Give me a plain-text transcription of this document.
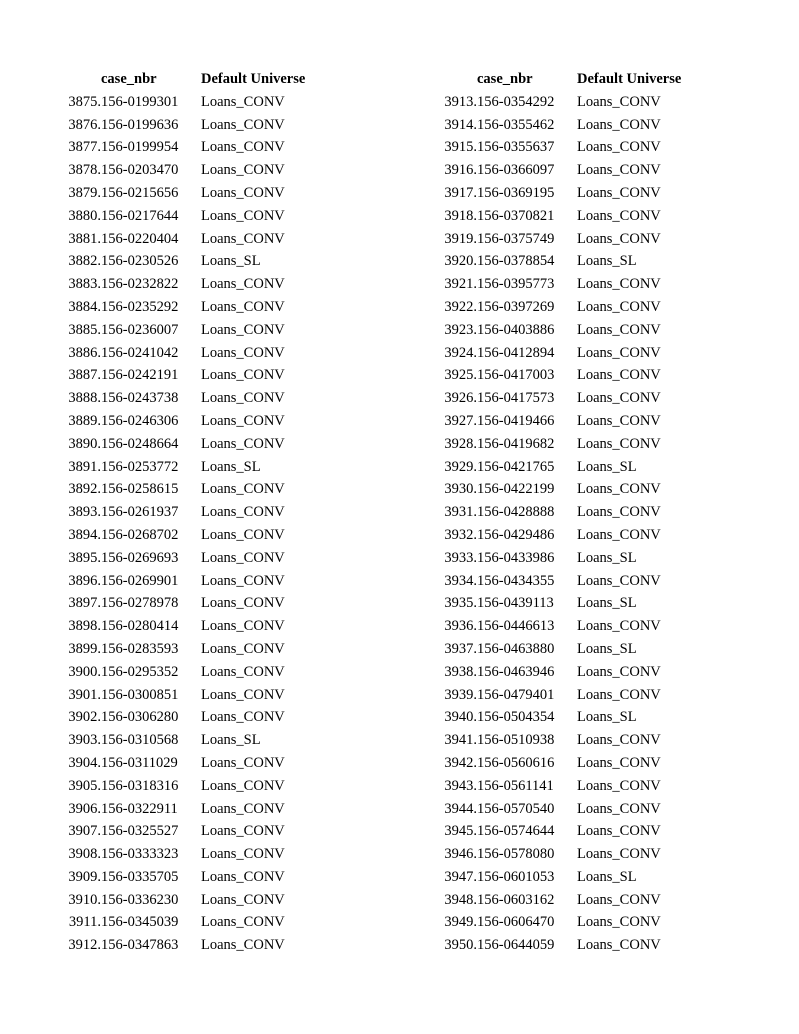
case_nbr	Default Universe
3875. 156-0199301	Loans_CONV
3876. 156-0199636	Loans_CONV
3877. 156-0199954	Loans_CONV
3878. 156-0203470	Loans_CONV
3879. 156-0215656	Loans_CONV
3880. 156-0217644	Loans_CONV
3881. 156-0220404	Loans_CONV
3882. 156-0230526	Loans_SL
3883. 156-0232822	Loans_CONV
3884. 156-0235292	Loans_CONV
3885. 156-0236007	Loans_CONV
3886. 156-0241042	Loans_CONV
3887. 156-0242191	Loans_CONV
3888. 156-0243738	Loans_CONV
3889. 156-0246306	Loans_CONV
3890. 156-0248664	Loans_CONV
3891. 156-0253772	Loans_SL
3892. 156-0258615	Loans_CONV
3893. 156-0261937	Loans_CONV
3894. 156-0268702	Loans_CONV
3895. 156-0269693	Loans_CONV
3896. 156-0269901	Loans_CONV
3897. 156-0278978	Loans_CONV
3898. 156-0280414	Loans_CONV
3899. 156-0283593	Loans_CONV
3900. 156-0295352	Loans_CONV
3901. 156-0300851	Loans_CONV
3902. 156-0306280	Loans_CONV
3903. 156-0310568	Loans_SL
3904. 156-0311029	Loans_CONV
3905. 156-0318316	Loans_CONV
3906. 156-0322911	Loans_CONV
3907. 156-0325527	Loans_CONV
3908. 156-0333323	Loans_CONV
3909. 156-0335705	Loans_CONV
3910. 156-0336230	Loans_CONV
3911. 156-0345039	Loans_CONV
3912. 156-0347863	Loans_CONV
case_nbr	Default Universe
3913. 156-0354292	Loans_CONV
3914. 156-0355462	Loans_CONV
3915. 156-0355637	Loans_CONV
3916. 156-0366097	Loans_CONV
3917. 156-0369195	Loans_CONV
3918. 156-0370821	Loans_CONV
3919. 156-0375749	Loans_CONV
3920. 156-0378854	Loans_SL
3921. 156-0395773	Loans_CONV
3922. 156-0397269	Loans_CONV
3923. 156-0403886	Loans_CONV
3924. 156-0412894	Loans_CONV
3925. 156-0417003	Loans_CONV
3926. 156-0417573	Loans_CONV
3927. 156-0419466	Loans_CONV
3928. 156-0419682	Loans_CONV
3929. 156-0421765	Loans_SL
3930. 156-0422199	Loans_CONV
3931. 156-0428888	Loans_CONV
3932. 156-0429486	Loans_CONV
3933. 156-0433986	Loans_SL
3934. 156-0434355	Loans_CONV
3935. 156-0439113	Loans_SL
3936. 156-0446613	Loans_CONV
3937. 156-0463880	Loans_SL
3938. 156-0463946	Loans_CONV
3939. 156-0479401	Loans_CONV
3940. 156-0504354	Loans_SL
3941. 156-0510938	Loans_CONV
3942. 156-0560616	Loans_CONV
3943. 156-0561141	Loans_CONV
3944. 156-0570540	Loans_CONV
3945. 156-0574644	Loans_CONV
3946. 156-0578080	Loans_CONV
3947. 156-0601053	Loans_SL
3948. 156-0603162	Loans_CONV
3949. 156-0606470	Loans_CONV
3950. 156-0644059	Loans_CONV
